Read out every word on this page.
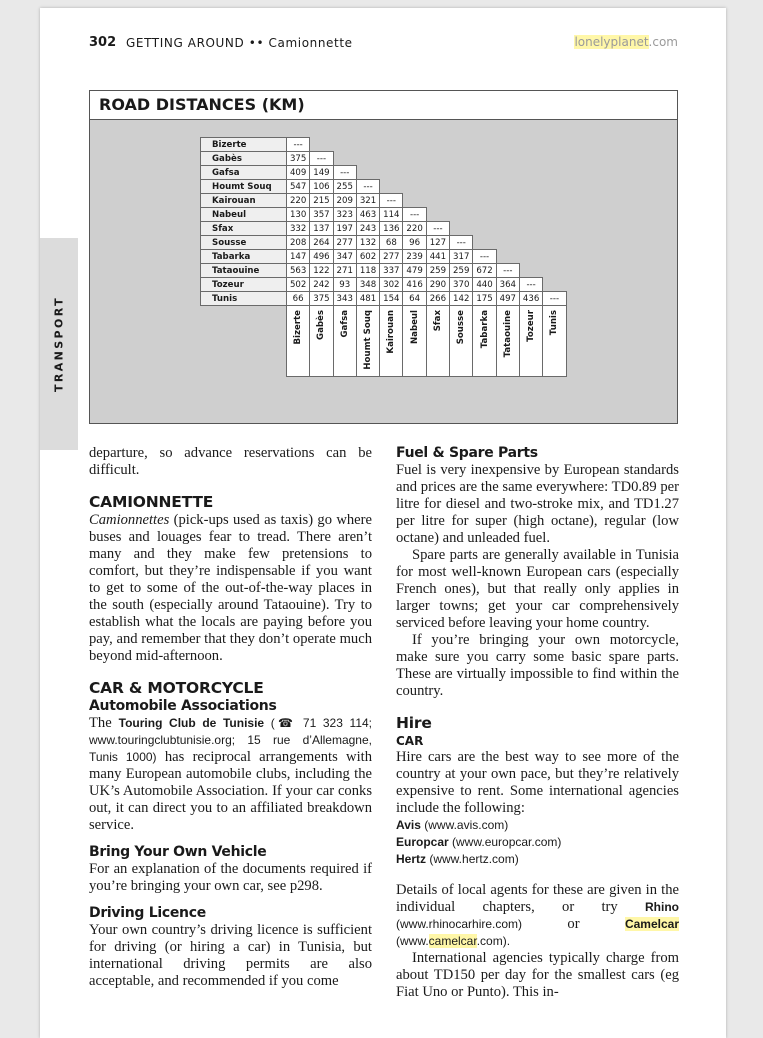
302 GETTING AROUND •• Camionnette	lonelyplanet.com
TRANSPORT
ROAD DISTANCES (KM)
Bizerte	---											
Gabès	375	---										
Gafsa	409	149	---									
Houmt Souq	547	106	255	---								
Kairouan	220	215	209	321	---							
Nabeul	130	357	323	463	114	---						
Sfax	332	137	197	243	136	220	---					
Sousse	208	264	277	132	68	96	127	---				
Tabarka	147	496	347	602	277	239	441	317	---			
Tataouine	563	122	271	118	337	479	259	259	672	---		
Tozeur	502	242	93	348	302	416	290	370	440	364	---	
Tunis	66	375	343	481	154	64	266	142	175	497	436	---
	Bizerte	Gabès	Gafsa	Houmt Souq	Kairouan	Nabeul	Sfax	Sousse	Tabarka	Tataouine	Tozeur	Tunis

departure, so advance reservations can be difficult.

CAMIONNETTE

Camionnettes (pick-ups used as taxis) go where buses and louages fear to tread. There aren’t many and they make few pretensions to comfort, but they’re indispensable if you want to get to some of the out-of-the-way places in the south (especially around Tataouine). Try to establish what the locals are paying before you pay, and remember that they don’t operate much beyond mid-afternoon.

CAR & MOTORCYCLE
Automobile Associations

The Touring Club de Tunisie (☎ 71 323 114; www.touringclubtunisie.org; 15 rue d’Allemagne, Tunis 1000) has reciprocal arrangements with many European automobile clubs, including the UK’s Automobile Association. If your car conks out, it can direct you to an affiliated breakdown service.

Bring Your Own Vehicle

For an explanation of the documents required if you’re bringing your own car, see p298.

Driving Licence

Your own country’s driving licence is sufficient for driving (or hiring a car) in Tunisia, but international driving permits are also acceptable, and recommended if you come

Fuel & Spare Parts

Fuel is very inexpensive by European standards and prices are the same everywhere: TD0.89 per litre for diesel and two-stroke mix, and TD1.27 per litre for super (high octane), regular (low octane) and unleaded fuel.

Spare parts are generally available in Tunisia for most well-known European cars (especially French ones), but that really only applies in larger towns; get your car comprehensively serviced before leaving your home country.

If you’re bringing your own motorcycle, make sure you carry some basic spare parts. These are virtually impossible to find within the country.

Hire
CAR

Hire cars are the best way to see more of the country at your own pace, but they’re relatively expensive to rent. Some international agencies include the following:

Avis (www.avis.com)
Europcar (www.europcar.com)
Hertz (www.hertz.com)

Details of local agents for these are given in the individual chapters, or try Rhino (www.rhinocarhire.com) or Camelcar (www.camelcar.com).

International agencies typically charge from about TD150 per day for the smallest cars (eg Fiat Uno or Punto). This in-
